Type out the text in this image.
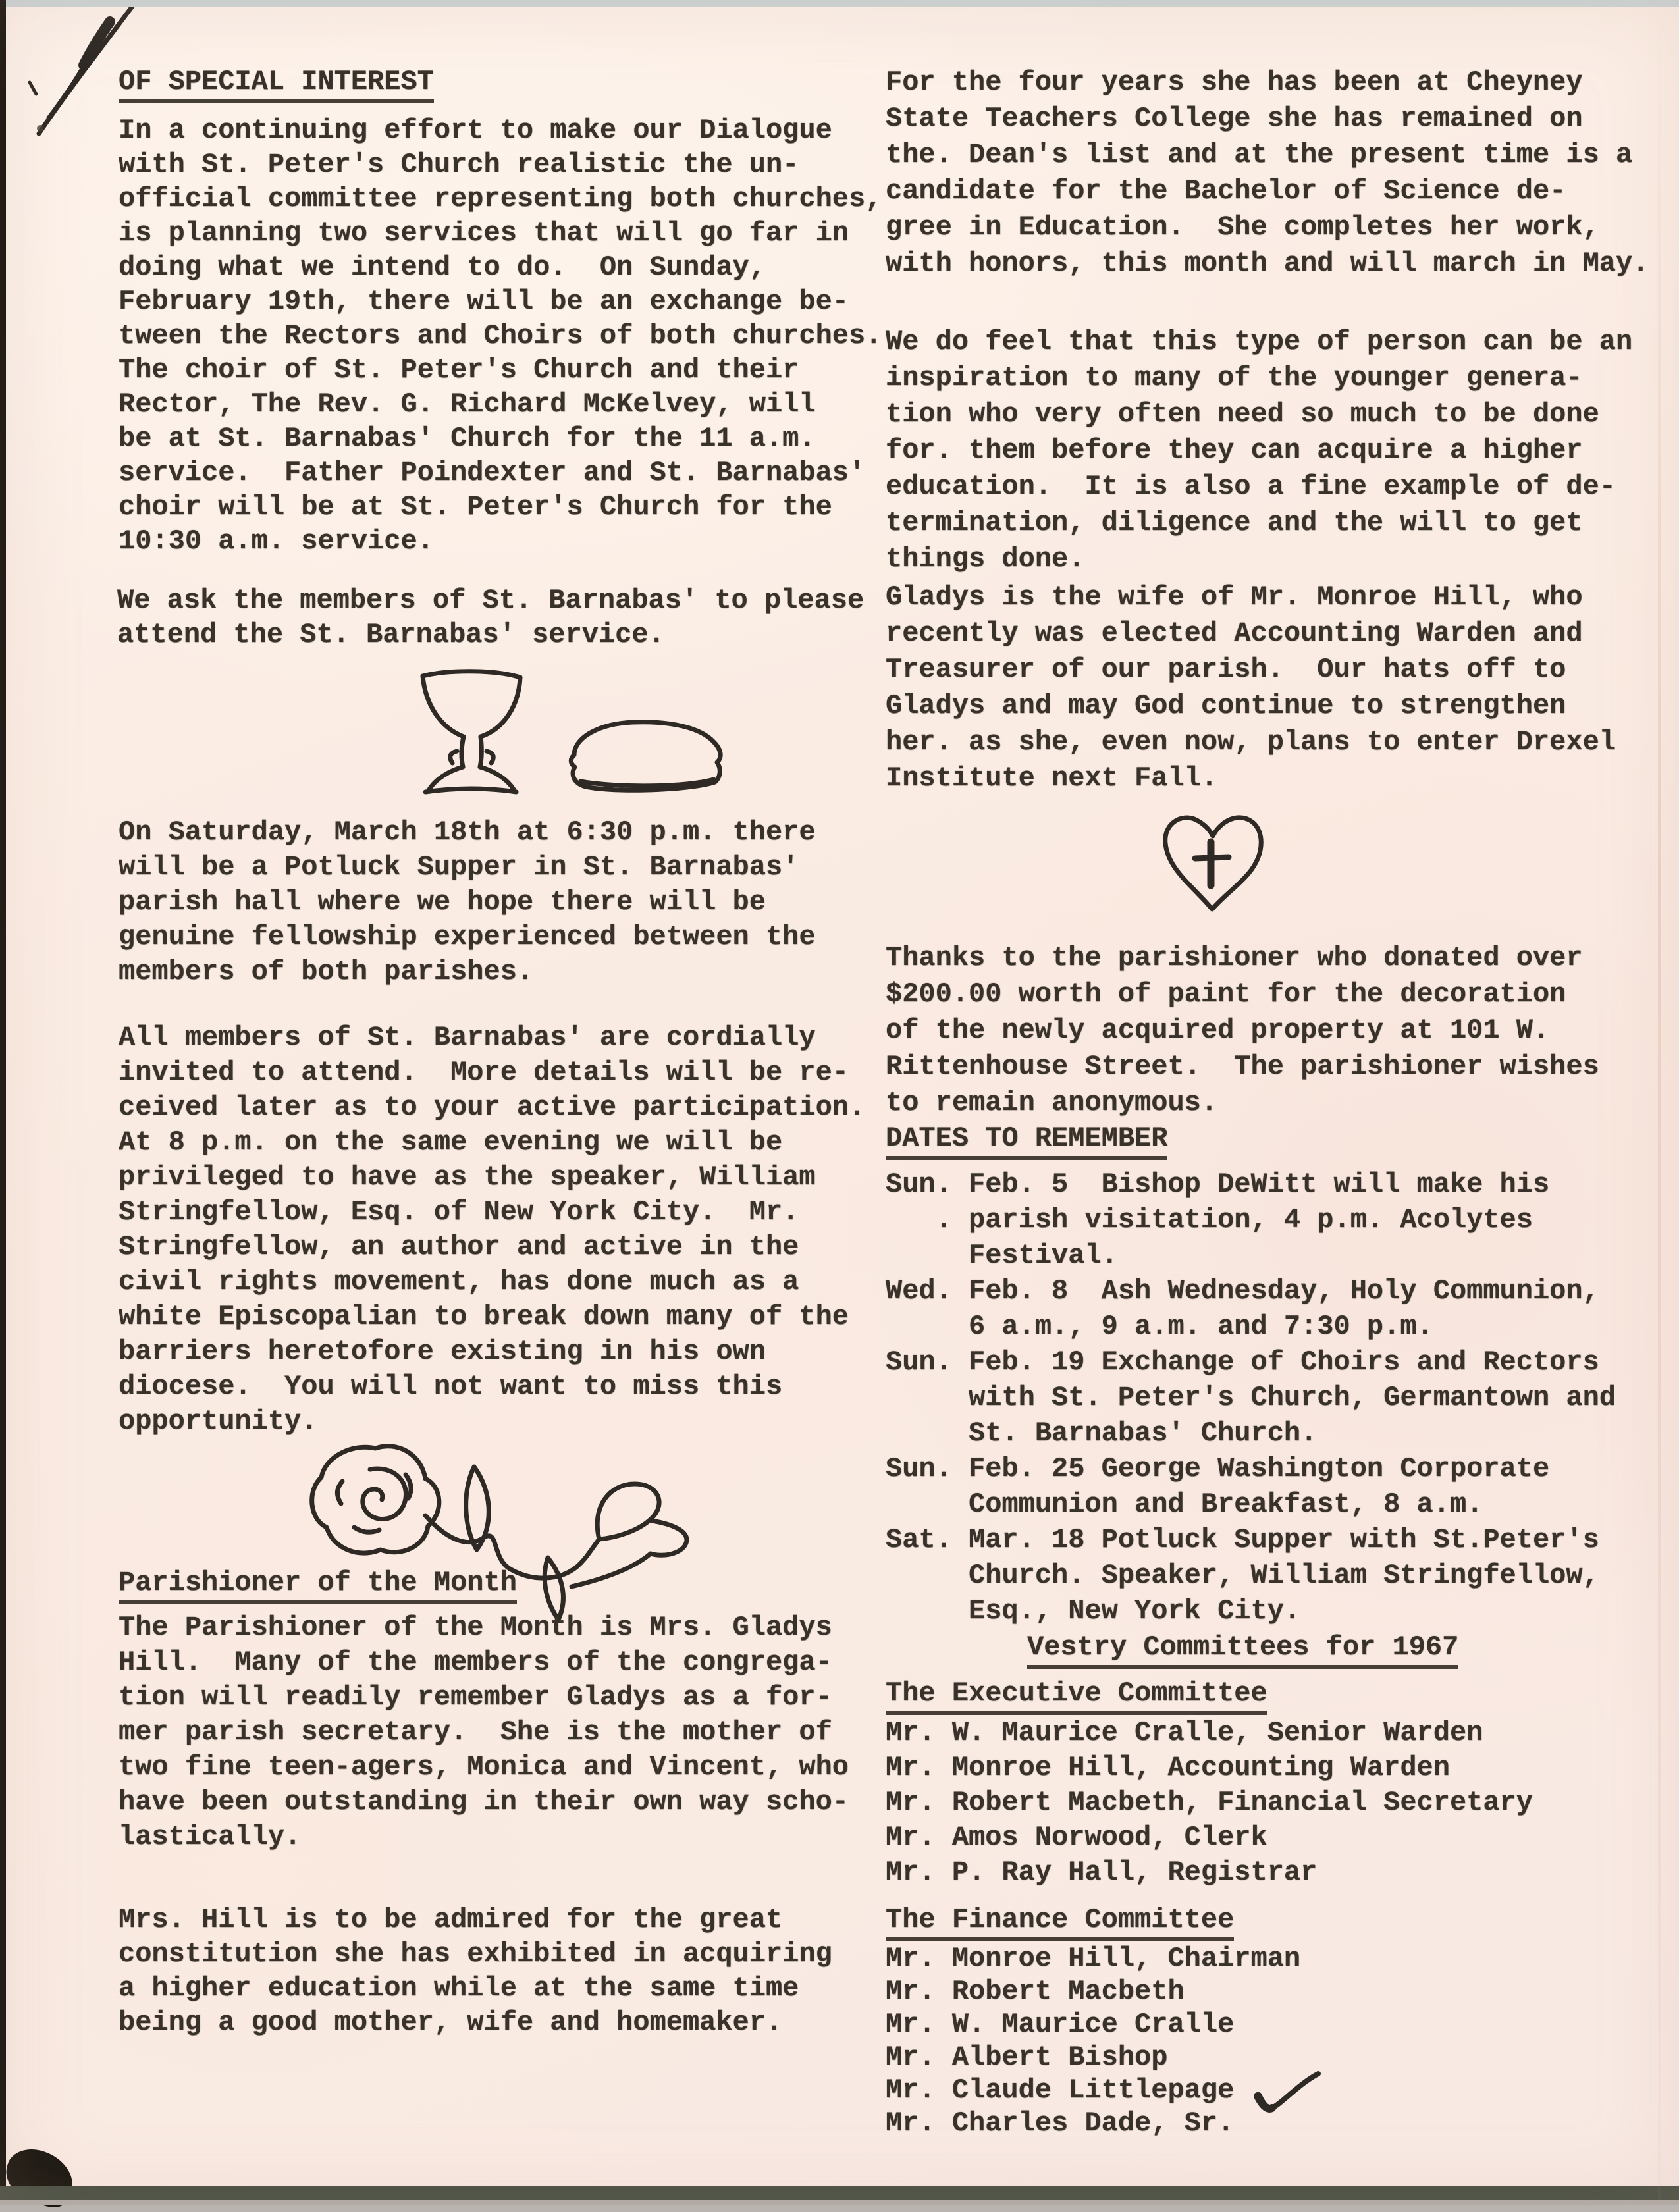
OF SPECIAL INTEREST
In a continuing effort to make our Dialogue
with St. Peter's Church realistic the un-
official committee representing both churches,
is planning two services that will go far in
doing what we intend to do.  On Sunday,
February 19th, there will be an exchange be-
tween the Rectors and Choirs of both churches.
The choir of St. Peter's Church and their
Rector, The Rev. G. Richard McKelvey, will
be at St. Barnabas' Church for the 11 a.m.
service.  Father Poindexter and St. Barnabas'
choir will be at St. Peter's Church for the
10:30 a.m. service.
We ask the members of St. Barnabas' to please
attend the St. Barnabas' service.
On Saturday, March 18th at 6:30 p.m. there
will be a Potluck Supper in St. Barnabas'
parish hall where we hope there will be
genuine fellowship experienced between the
members of both parishes.
All members of St. Barnabas' are cordially
invited to attend.  More details will be re-
ceived later as to your active participation.
At 8 p.m. on the same evening we will be
privileged to have as the speaker, William
Stringfellow, Esq. of New York City.  Mr.
Stringfellow, an author and active in the
civil rights movement, has done much as a
white Episcopalian to break down many of the
barriers heretofore existing in his own
diocese.  You will not want to miss this
opportunity.
Parishioner of the Month
The Parishioner of the Month is Mrs. Gladys
Hill.  Many of the members of the congrega-
tion will readily remember Gladys as a for-
mer parish secretary.  She is the mother of
two fine teen-agers, Monica and Vincent, who
have been outstanding in their own way scho-
lastically.
Mrs. Hill is to be admired for the great
constitution she has exhibited in acquiring
a higher education while at the same time
being a good mother, wife and homemaker.
For the four years she has been at Cheyney
State Teachers College she has remained on
the. Dean's list and at the present time is a
candidate for the Bachelor of Science de-
gree in Education.  She completes her work,
with honors, this month and will march in May.
We do feel that this type of person can be an
inspiration to many of the younger genera-
tion who very often need so much to be done
for. them before they can acquire a higher
education.  It is also a fine example of de-
termination, diligence and the will to get
things done.
Gladys is the wife of Mr. Monroe Hill, who
recently was elected Accounting Warden and
Treasurer of our parish.  Our hats off to
Gladys and may God continue to strengthen
her. as she, even now, plans to enter Drexel
Institute next Fall.
Thanks to the parishioner who donated over
$200.00 worth of paint for the decoration
of the newly acquired property at 101 W.
Rittenhouse Street.  The parishioner wishes
to remain anonymous.
DATES TO REMEMBER
Sun. Feb. 5  Bishop DeWitt will make his
. parish visitation, 4 p.m. Acolytes
Festival.
Wed. Feb. 8  Ash Wednesday, Holy Communion,
6 a.m., 9 a.m. and 7:30 p.m.
Sun. Feb. 19 Exchange of Choirs and Rectors
with St. Peter's Church, Germantown and
St. Barnabas' Church.
Sun. Feb. 25 George Washington Corporate
Communion and Breakfast, 8 a.m.
Sat. Mar. 18 Potluck Supper with St.Peter's
Church. Speaker, William Stringfellow,
Esq., New York City.
Vestry Committees for 1967
The Executive Committee
Mr. W. Maurice Cralle, Senior Warden
Mr. Monroe Hill, Accounting Warden
Mr. Robert Macbeth, Financial Secretary
Mr. Amos Norwood, Clerk
Mr. P. Ray Hall, Registrar
The Finance Committee
Mr. Monroe Hill, Chairman
Mr. Robert Macbeth
Mr. W. Maurice Cralle
Mr. Albert Bishop
Mr. Claude Littlepage
Mr. Charles Dade, Sr.
